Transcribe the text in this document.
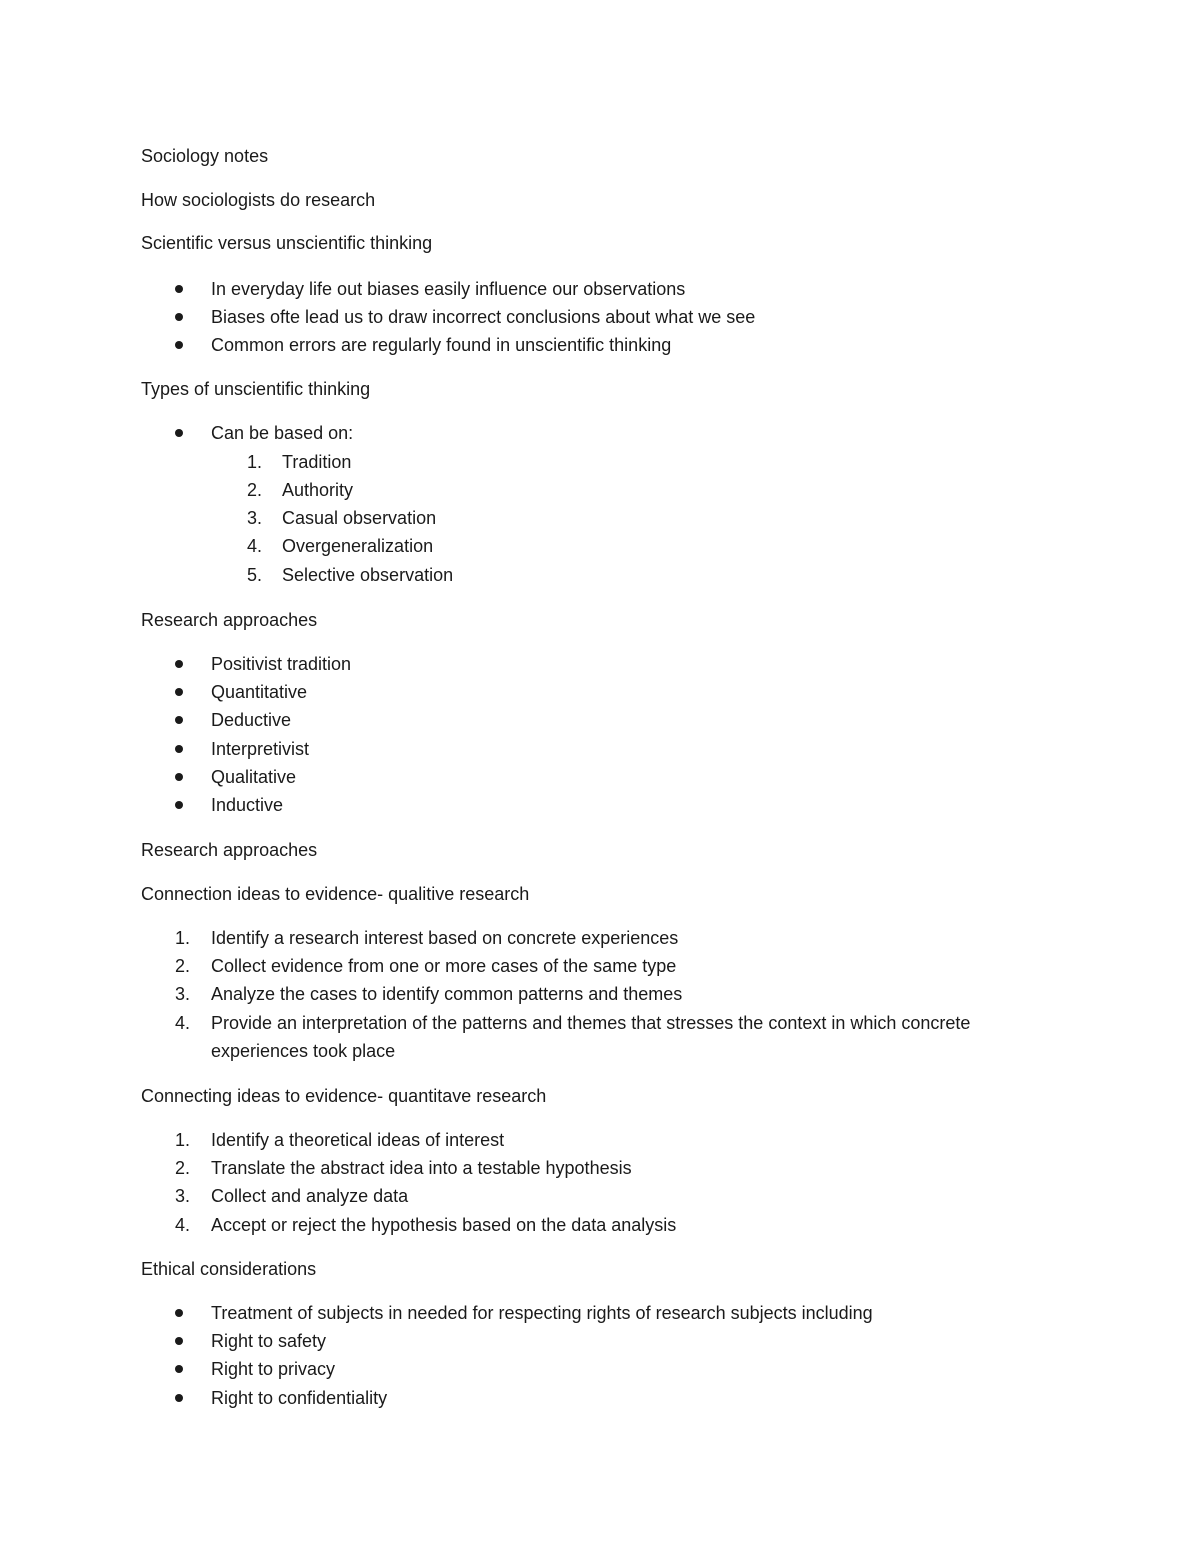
Sociology notes
How sociologists do research
Scientific versus unscientific thinking
In everyday life out biases easily influence our observations
Biases ofte lead us to draw incorrect conclusions about what we see
Common errors are regularly found in unscientific thinking
Types of unscientific thinking
Can be based on:
1. Tradition
2. Authority
3. Casual observation
4. Overgeneralization
5. Selective observation
Research approaches
Positivist tradition
Quantitative
Deductive
Interpretivist
Qualitative
Inductive
Research approaches
Connection ideas to evidence- qualitive research
1. Identify a research interest based on concrete experiences
2. Collect evidence from one or more cases of the same type
3. Analyze the cases to identify common patterns and themes
4. Provide an interpretation of the patterns and themes that stresses the context in which concrete experiences took place
Connecting ideas to evidence- quantitave research
1. Identify a theoretical ideas of interest
2. Translate the abstract idea into a testable hypothesis
3. Collect and analyze data
4. Accept or reject the hypothesis based on the data analysis
Ethical considerations
Treatment of subjects in needed for respecting rights of research subjects including
Right to safety
Right to privacy
Right to confidentiality
